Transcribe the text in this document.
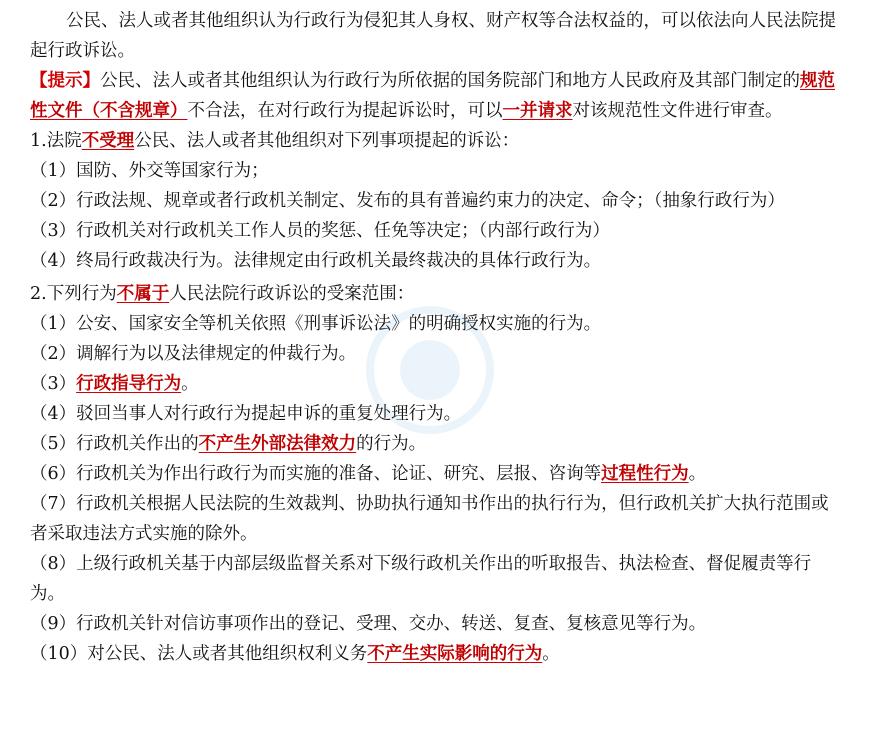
公民、法人或者其他组织认为行政行为侵犯其人身权、财产权等合法权益的，可以依法向人民法院提起行政诉讼。

【提示】公民、法人或者其他组织认为行政行为所依据的国务院部门和地方人民政府及其部门制定的规范性文件（不含规章）不合法，在对行政行为提起诉讼时，可以一并请求对该规范性文件进行审查。

1.法院不受理公民、法人或者其他组织对下列事项提起的诉讼：

（1）国防、外交等国家行为；

（2）行政法规、规章或者行政机关制定、发布的具有普遍约束力的决定、命令；（抽象行政行为）

（3）行政机关对行政机关工作人员的奖惩、任免等决定；（内部行政行为）

（4）终局行政裁决行为。法律规定由行政机关最终裁决的具体行政行为。

2.下列行为不属于人民法院行政诉讼的受案范围：

（1）公安、国家安全等机关依照《刑事诉讼法》的明确授权实施的行为。

（2）调解行为以及法律规定的仲裁行为。

（3）行政指导行为。

（4）驳回当事人对行政行为提起申诉的重复处理行为。

（5）行政机关作出的不产生外部法律效力的行为。

（6）行政机关为作出行政行为而实施的准备、论证、研究、层报、咨询等过程性行为。

（7）行政机关根据人民法院的生效裁判、协助执行通知书作出的执行行为，但行政机关扩大执行范围或者采取违法方式实施的除外。

（8）上级行政机关基于内部层级监督关系对下级行政机关作出的听取报告、执法检查、督促履责等行为。

（9）行政机关针对信访事项作出的登记、受理、交办、转送、复查、复核意见等行为。

（10）对公民、法人或者其他组织权利义务不产生实际影响的行为。
